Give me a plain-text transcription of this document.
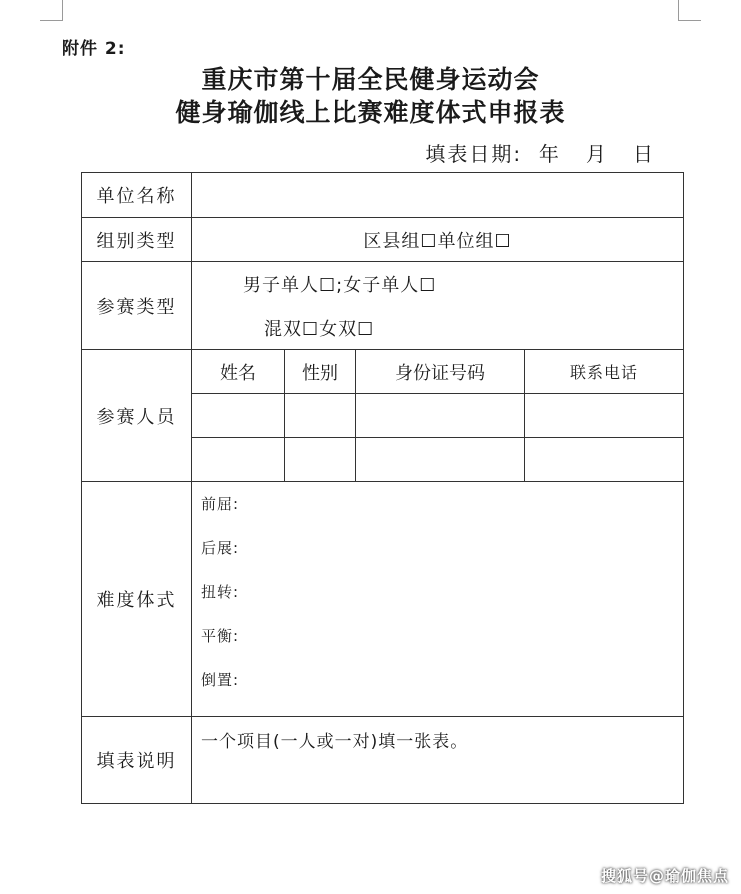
附件 2:
重庆市第十届全民健身运动会
健身瑜伽线上比赛难度体式申报表
填表日期:  年   月   日
单位名称				
组别类型	区县组☐单位组☐			

参赛类型	男子单人☐;女子单人☐
混双☐女双☐			

参赛人员	姓名	性别	身份证号码	联系电话

难度体式	前屈:
后展:
扭转:
平衡:
倒置:			

填表说明	一个项目(一人或一对)填一张表。			
搜狐号@瑜伽焦点
